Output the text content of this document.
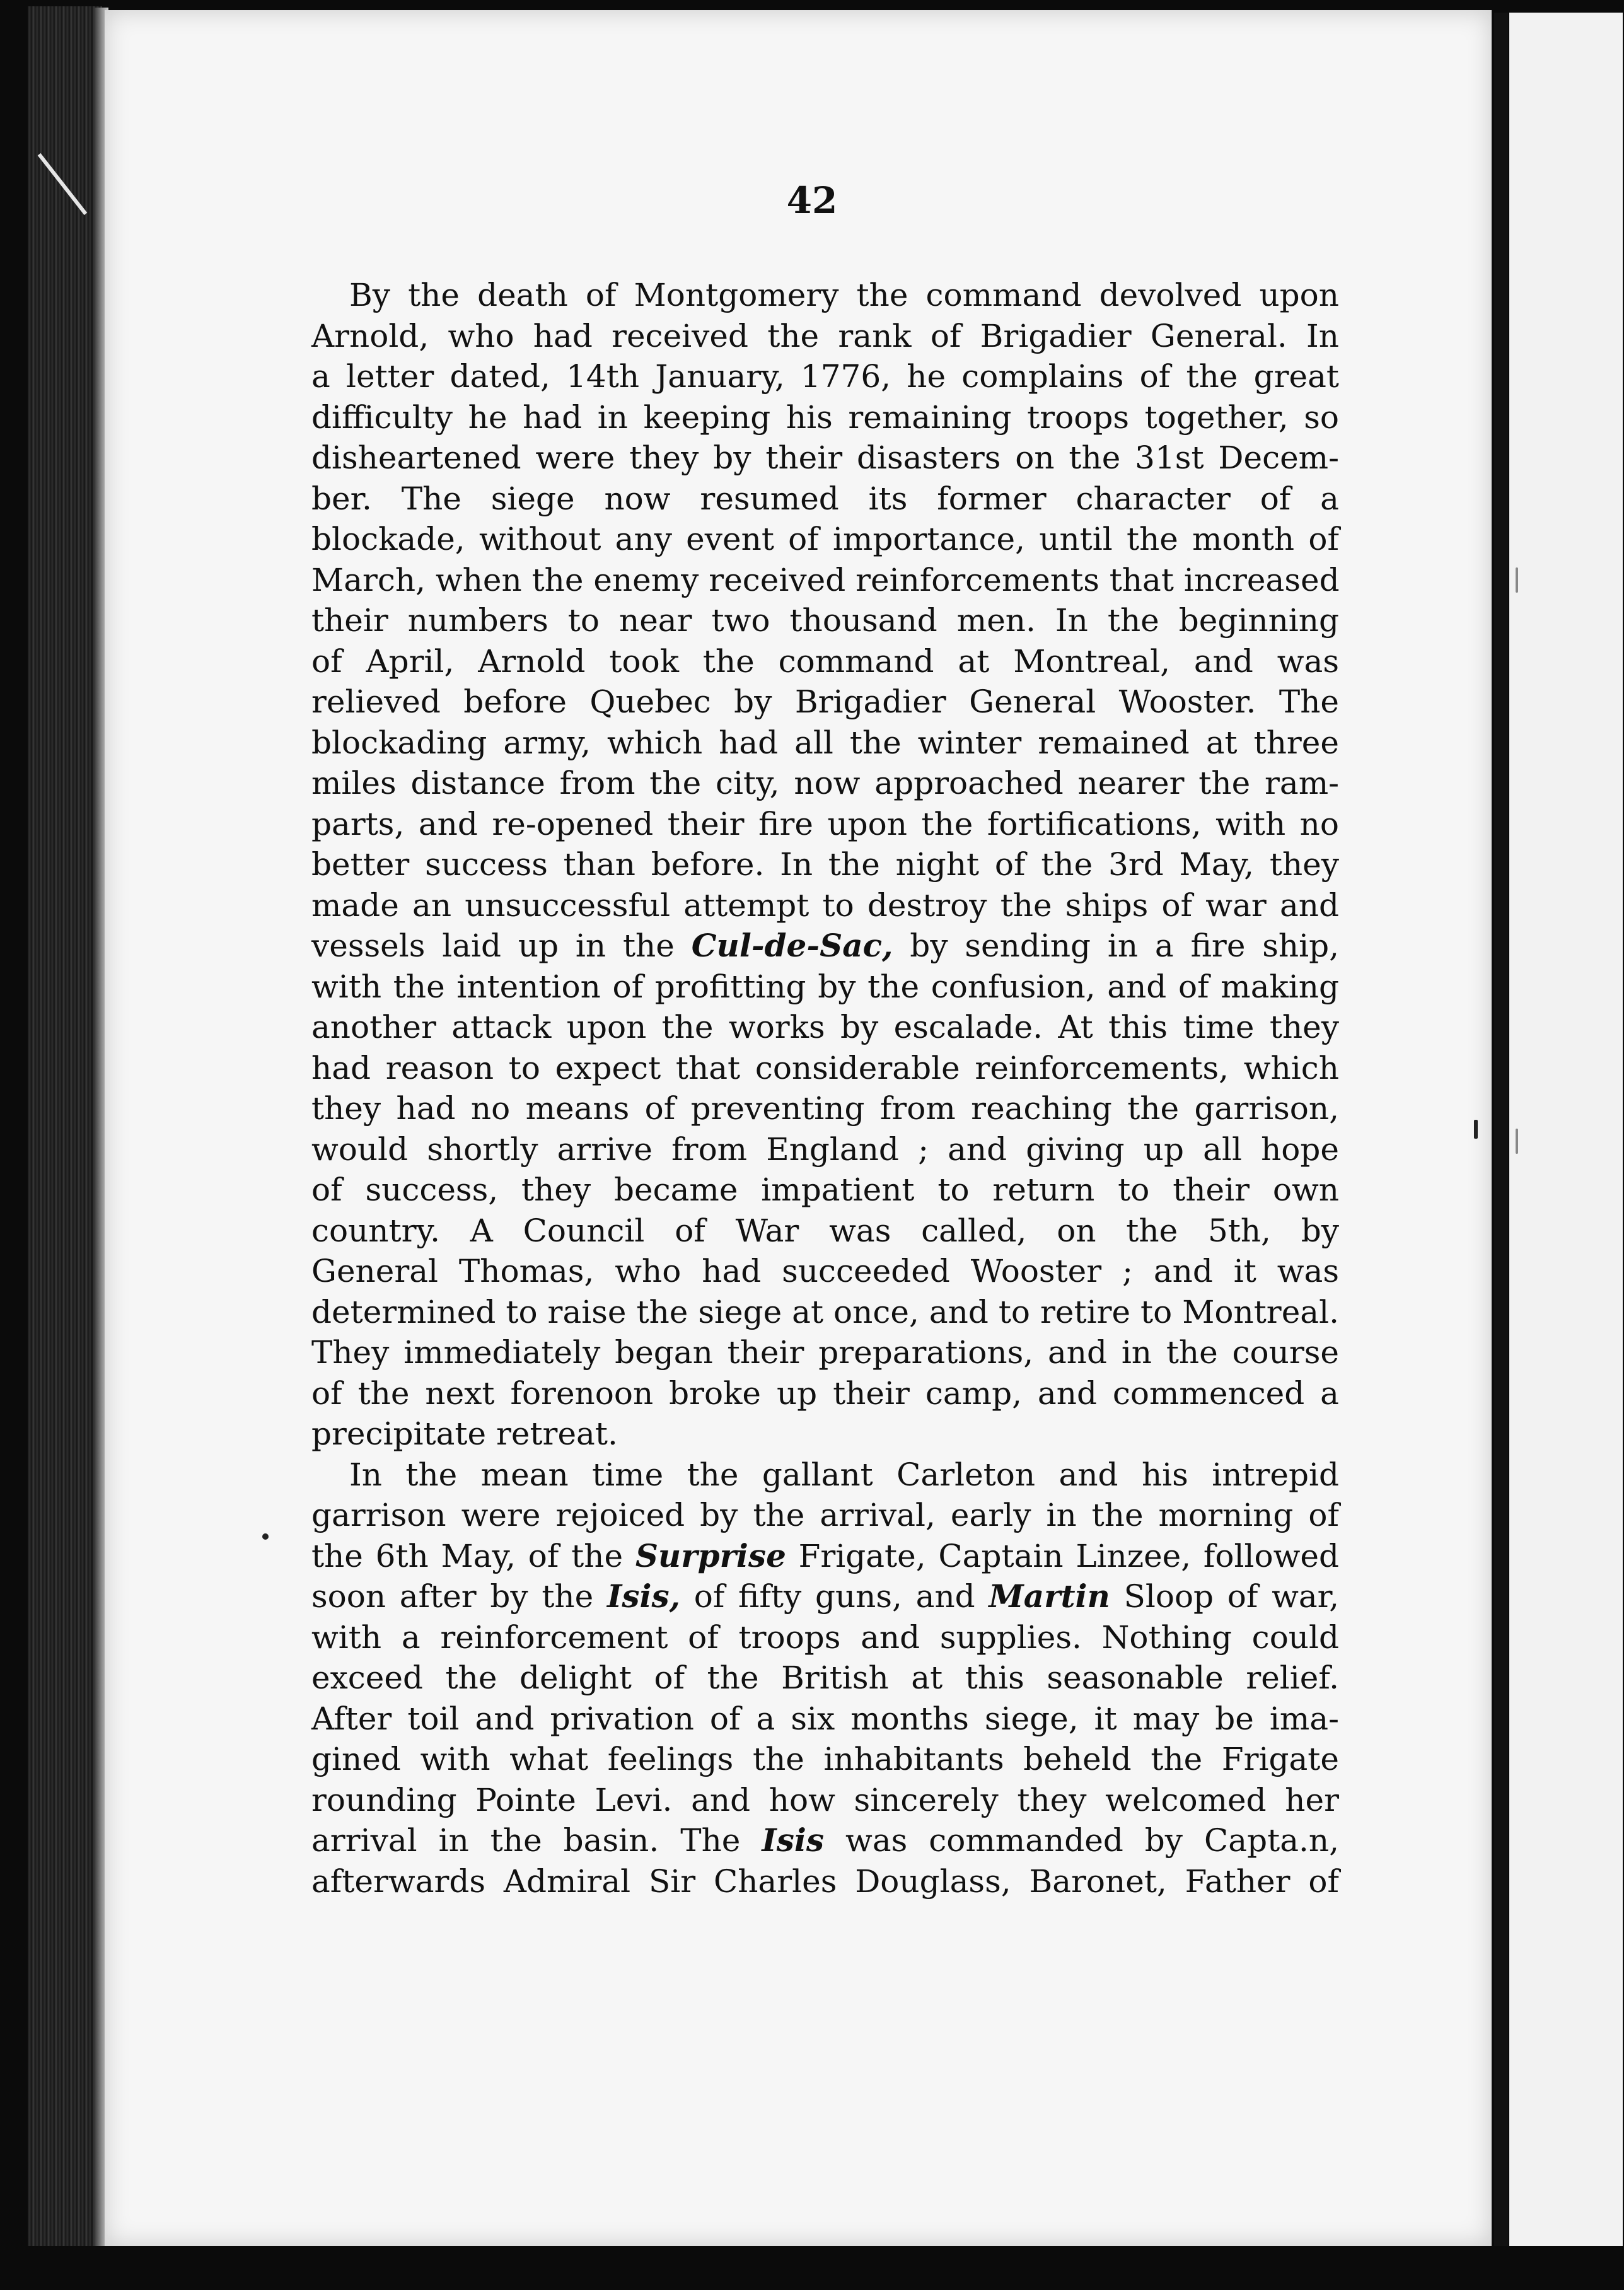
42
By the death of Montgomery the command devolved upon
Arnold, who had received the rank of Brigadier General. In
a letter dated, 14th January, 1776, he complains of the great
difficulty he had in keeping his remaining troops together, so
disheartened were they by their disasters on the 31st Decem-
ber. The siege now resumed its former character of a
blockade, without any event of importance, until the month of
March, when the enemy received reinforcements that increased
their numbers to near two thousand men. In the beginning
of April, Arnold took the command at Montreal, and was
relieved before Quebec by Brigadier General Wooster. The
blockading army, which had all the winter remained at three
miles distance from the city, now approached nearer the ram-
parts, and re-opened their fire upon the fortifications, with no
better success than before. In the night of the 3rd May, they
made an unsuccessful attempt to destroy the ships of war and
vessels laid up in the Cul-de-Sac, by sending in a fire ship,
with the intention of profitting by the confusion, and of making
another attack upon the works by escalade. At this time they
had reason to expect that considerable reinforcements, which
they had no means of preventing from reaching the garrison,
would shortly arrive from England ; and giving up all hope
of success, they became impatient to return to their own
country. A Council of War was called, on the 5th, by
General Thomas, who had succeeded Wooster ; and it was
determined to raise the siege at once, and to retire to Montreal.
They immediately began their preparations, and in the course
of the next forenoon broke up their camp, and commenced a
precipitate retreat.
In the mean time the gallant Carleton and his intrepid
garrison were rejoiced by the arrival, early in the morning of
the 6th May, of the Surprise Frigate, Captain Linzee, followed
soon after by the Isis, of fifty guns, and Martin Sloop of war,
with a reinforcement of troops and supplies. Nothing could
exceed the delight of the British at this seasonable relief.
After toil and privation of a six months siege, it may be ima-
gined with what feelings the inhabitants beheld the Frigate
rounding Pointe Levi. and how sincerely they welcomed her
arrival in the basin. The Isis was commanded by Capta.n,
afterwards Admiral Sir Charles Douglass, Baronet, Father of
